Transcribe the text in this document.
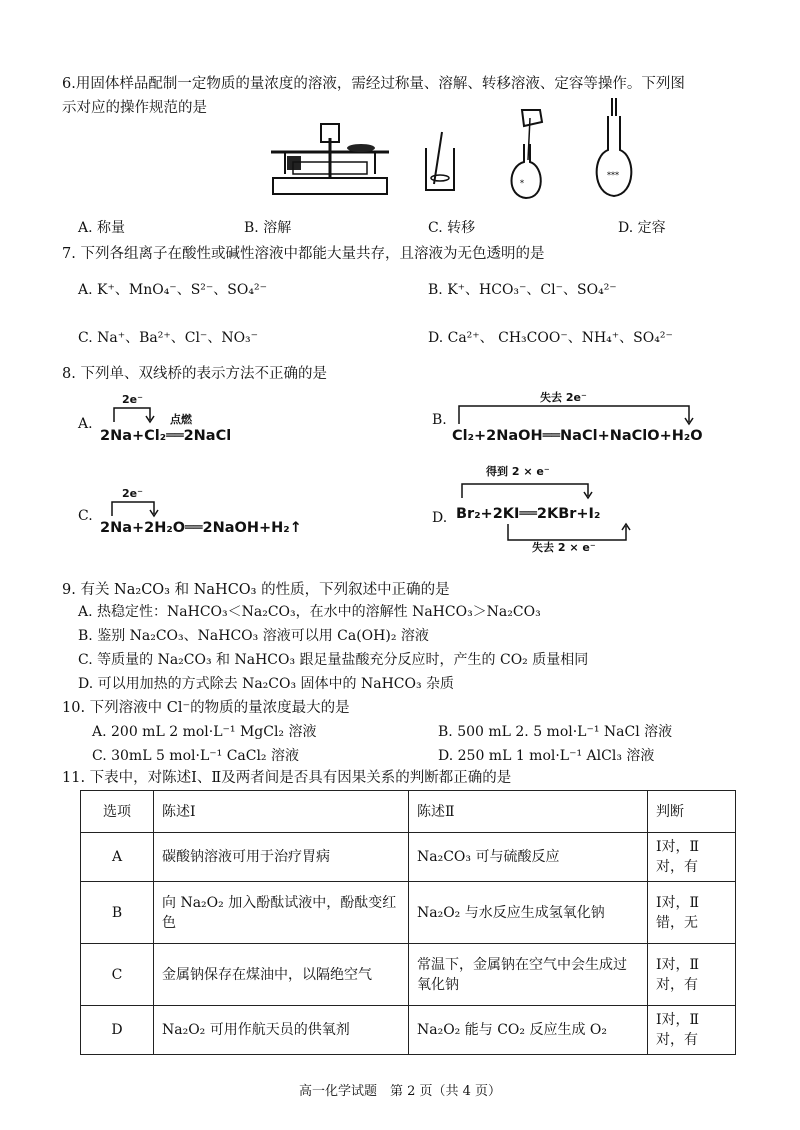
6.用固体样品配制一定物质的量浓度的溶液，需经过称量、溶解、转移溶液、定容等操作。下列图
示对应的操作规范的是
*
***
A. 称量	B. 溶解	C. 转移	D. 定容
7. 下列各组离子在酸性或碱性溶液中都能大量共存，且溶液为无色透明的是
A. K⁺、MnO₄⁻、S²⁻、SO₄²⁻	B. K⁺、HCO₃⁻、Cl⁻、SO₄²⁻
C. Na⁺、Ba²⁺、Cl⁻、NO₃⁻	D. Ca²⁺、 CH₃COO⁻、NH₄⁺、SO₄²⁻
8. 下列单、双线桥的表示方法不正确的是
A.
2e⁻
点燃
2Na+Cl₂══2NaCl
B.
失去 2e⁻
Cl₂+2NaOH══NaCl+NaClO+H₂O
C.
2e⁻
2Na+2H₂O══2NaOH+H₂↑
得到 2 × e⁻
D. Br₂+2KI══2KBr+I₂
失去 2 × e⁻
9. 有关 Na₂CO₃ 和 NaHCO₃ 的性质，下列叙述中正确的是
A. 热稳定性：NaHCO₃＜Na₂CO₃，在水中的溶解性 NaHCO₃＞Na₂CO₃
B. 鉴别 Na₂CO₃、NaHCO₃ 溶液可以用 Ca(OH)₂ 溶液
C. 等质量的 Na₂CO₃ 和 NaHCO₃ 跟足量盐酸充分反应时，产生的 CO₂ 质量相同
D. 可以用加热的方式除去 Na₂CO₃ 固体中的 NaHCO₃ 杂质
10. 下列溶液中 Cl⁻的物质的量浓度最大的是
A. 200 mL 2 mol·L⁻¹ MgCl₂ 溶液	B. 500 mL 2. 5 mol·L⁻¹ NaCl 溶液
C. 30mL 5 mol·L⁻¹ CaCl₂ 溶液	D. 250 mL 1 mol·L⁻¹ AlCl₃ 溶液
11. 下表中，对陈述Ⅰ、Ⅱ及两者间是否具有因果关系的判断都正确的是
选项	陈述Ⅰ	陈述Ⅱ	判断
A	碳酸钠溶液可用于治疗胃病	Na₂CO₃ 可与硫酸反应	Ⅰ对，Ⅱ对，有
B	向 Na₂O₂ 加入酚酞试液中，酚酞变红色	Na₂O₂ 与水反应生成氢氧化钠	Ⅰ对，Ⅱ错，无
C	金属钠保存在煤油中，以隔绝空气	常温下，金属钠在空气中会生成过氧化钠	Ⅰ对，Ⅱ对，有
D	Na₂O₂ 可用作航天员的供氧剂	Na₂O₂ 能与 CO₂ 反应生成 O₂	Ⅰ对，Ⅱ对，有
高一化学试题　第 2 页（共 4 页）
